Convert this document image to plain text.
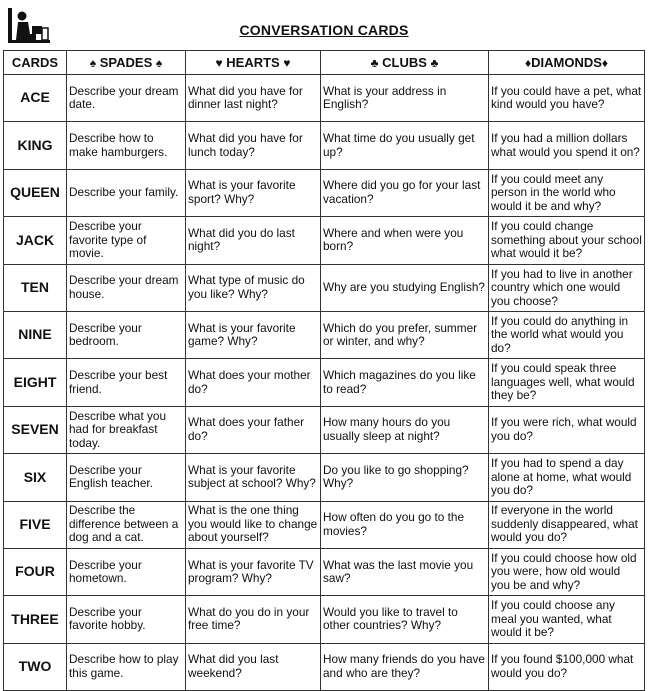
CONVERSATION CARDS
CARDS	♠ SPADES ♠	♥ HEARTS ♥	♣ CLUBS ♣	♦DIAMONDS♦
ACE	Describe your dream date.	What did you have for dinner last night?	What is your address in English?	If you could have a pet, what kind would you have?
KING	Describe how to make hamburgers.	What did you have for lunch today?	What time do you usually get up?	If you had a million dollars what would you spend it on?
QUEEN	Describe your family.	What is your favorite sport? Why?	Where did you go for your last vacation?	If you could meet any person in the world who would it be and why?
JACK	Describe your favorite type of movie.	What did you do last night?	Where and when were you born?	If you could change something about your school what would it be?
TEN	Describe your dream house.	What type of music do you like? Why?	Why are you studying English?	If you had to live in another country which one would you choose?
NINE	Describe your bedroom.	What is your favorite game? Why?	Which do you prefer, summer or winter, and why?	If you could do anything in the world what would you do?
EIGHT	Describe your best friend.	What does your mother do?	Which magazines do you like to read?	If you could speak three languages well, what would they be?
SEVEN	Describe what you had for breakfast today.	What does your father do?	How many hours do you usually sleep at night?	If you were rich, what would you do?
SIX	Describe your English teacher.	What is your favorite subject at school? Why?	Do you like to go shopping? Why?	If you had to spend a day alone at home, what would you do?
FIVE	Describe the difference between a dog and a cat.	What is the one thing you would like to change about yourself?	How often do you go to the movies?	If everyone in the world suddenly disappeared, what would you do?
FOUR	Describe your hometown.	What is your favorite TV program? Why?	What was the last movie you saw?	If you could choose how old you were, how old would you be and why?
THREE	Describe your favorite hobby.	What do you do in your free time?	Would you like to travel to other countries? Why?	If you could choose any meal you wanted, what would it be?
TWO	Describe how to play this game.	What did you last weekend?	How many friends do you have and who are they?	If you found $100,000 what would you do?
